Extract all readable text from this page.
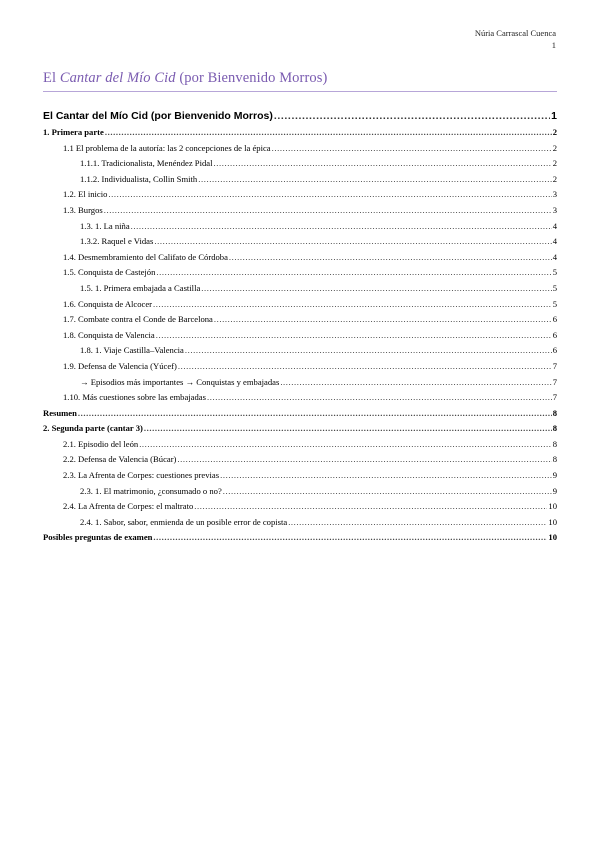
Núria Carrascal Cuenca
1
El Cantar del Mío Cid (por Bienvenido Morros)
El Cantar del Mío Cid (por Bienvenido Morros) .....	1
1. Primera parte .....	2
1.1 El problema de la autoría: las 2 concepciones de la épica .....	2
1.1.1. Tradicionalista, Menéndez Pidal .....	2
1.1.2. Individualista, Collin Smith .....	2
1.2. El inicio .....	3
1.3. Burgos .....	3
1.3. 1. La niña .....	4
1.3.2. Raquel e Vidas .....	4
1.4. Desmembramiento del Califato de Córdoba .....	4
1.5. Conquista de Castejón .....	5
1.5. 1. Primera embajada a Castilla .....	5
1.6. Conquista de Alcocer .....	5
1.7. Combate contra el Conde de Barcelona .....	6
1.8. Conquista de Valencia .....	6
1.8. 1. Viaje Castilla–Valencia .....	6
1.9. Defensa de Valencia (Yúcef) .....	7
→ Episodios más importantes → Conquistas y embajadas .....	7
1.10. Más cuestiones sobre las embajadas .....	7
Resumen .....	8
2. Segunda parte (cantar 3) .....	8
2.1. Episodio del león .....	8
2.2. Defensa de Valencia (Búcar) .....	8
2.3. La Afrenta de Corpes: cuestiones previas .....	9
2.3. 1. El matrimonio, ¿consumado o no? .....	9
2.4. La Afrenta de Corpes: el maltrato .....	10
2.4. 1. Sabor, sabor, enmienda de un posible error de copista .....	10
Posibles preguntas de examen .....	10
